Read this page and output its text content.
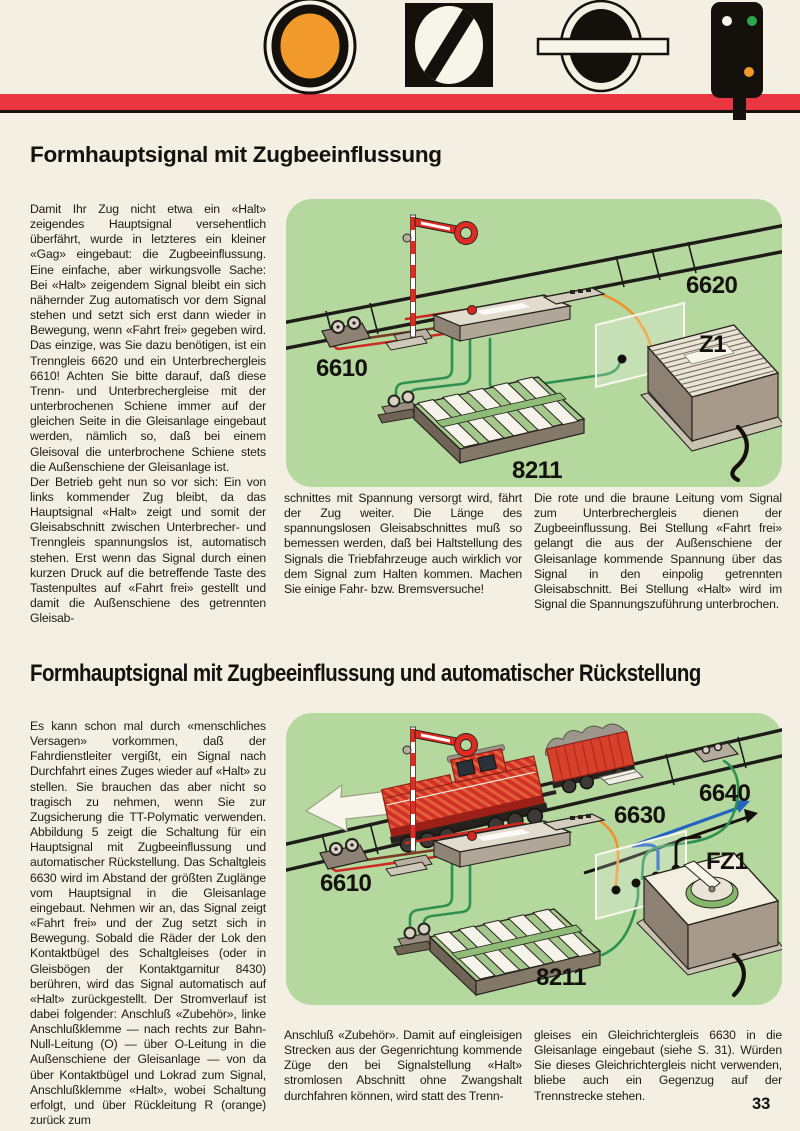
Formhauptsignal mit Zugbeeinflussung

Damit Ihr Zug nicht etwa ein «Halt» zeigendes Hauptsignal versehentlich überfährt, wurde in letzteres ein kleiner «Gag» eingebaut: die Zugbeeinflussung. Eine einfache, aber wirkungsvolle Sache: Bei «Halt» zeigendem Signal bleibt ein sich nähernder Zug automatisch vor dem Signal stehen und setzt sich erst dann wieder in Bewegung, wenn «Fahrt frei» gegeben wird. Das einzige, was Sie dazu benötigen, ist ein Trenngleis 6620 und ein Unterbrechergleis 6610! Achten Sie bitte darauf, daß diese Trenn- und Unterbrechergleise mit der unterbrochenen Schiene immer auf der gleichen Seite in die Gleisanlage eingebaut werden, nämlich so, daß bei einem Gleisoval die unterbrochene Schiene stets die Außenschiene der Gleisanlage ist.

Der Betrieb geht nun so vor sich: Ein von links kommender Zug bleibt, da das Hauptsignal «Halt» zeigt und somit der Gleisabschnitt zwischen Unterbrecher- und Trenngleis spannungslos ist, automatisch stehen. Erst wenn das Signal durch einen kurzen Druck auf die betreffende Taste des Tastenpultes auf «Fahrt frei» gestellt und damit die Außenschiene des getrennten Gleisab-

6620
6610
Z1
8211
schnittes mit Spannung versorgt wird, fährt der Zug weiter. Die Länge des spannungslosen Gleisabschnittes muß so bemessen werden, daß bei Haltstellung des Signals die Triebfahrzeuge auch wirklich vor dem Signal zum Halten kommen. Machen Sie einige Fahr- bzw. Bremsversuche!
Die rote und die braune Leitung vom Signal zum Unterbrechergleis dienen der Zugbeeinflussung. Bei Stellung «Fahrt frei» gelangt die aus der Außenschiene der Gleisanlage kommende Spannung über das Signal in den einpolig getrennten Gleisabschnitt. Bei Stellung «Halt» wird im Signal die Spannungszuführung unterbrochen.
Formhauptsignal mit Zugbeeinflussung und automatischer Rückstellung
Es kann schon mal durch «menschliches Versagen» vorkommen, daß der Fahrdienstleiter vergißt, ein Signal nach Durchfahrt eines Zuges wieder auf «Halt» zu stellen. Sie brauchen das aber nicht so tragisch zu nehmen, wenn Sie zur Zugsicherung die TT-Polymatic verwenden. Abbildung 5 zeigt die Schaltung für ein Hauptsignal mit Zugbeeinflussung und automatischer Rückstellung. Das Schaltgleis 6630 wird im Abstand der größten Zuglänge vom Hauptsignal in die Gleisanlage eingebaut. Nehmen wir an, das Signal zeigt «Fahrt frei» und der Zug setzt sich in Bewegung. Sobald die Räder der Lok den Kontaktbügel des Schaltgleises (oder in Gleisbögen der Kontaktgarnitur 8430) berühren, wird das Signal automatisch auf «Halt» zurückgestellt. Der Stromverlauf ist dabei folgender: Anschluß «Zubehör», linke Anschlußklemme — nach rechts zur Bahn-Null-Leitung (O) — über O-Leitung in die Außenschiene der Gleisanlage — von da über Kontaktbügel und Lokrad zum Signal, Anschlußklemme «Halt», wobei Schaltung erfolgt, und über Rückleitung R (orange) zurück zum
6610
6630
6640
FZ1
8211
Anschluß «Zubehör». Damit auf eingleisigen Strecken aus der Gegenrichtung kommende Züge den bei Signalstellung «Halt» stromlosen Abschnitt ohne Zwangshalt durchfahren können, wird statt des Trenn-
gleises ein Gleichrichtergleis 6630 in die Gleisanlage eingebaut (siehe S. 31). Würden Sie dieses Gleichrichtergleis nicht verwenden, bliebe auch ein Gegenzug auf der Trennstrecke stehen.	33
